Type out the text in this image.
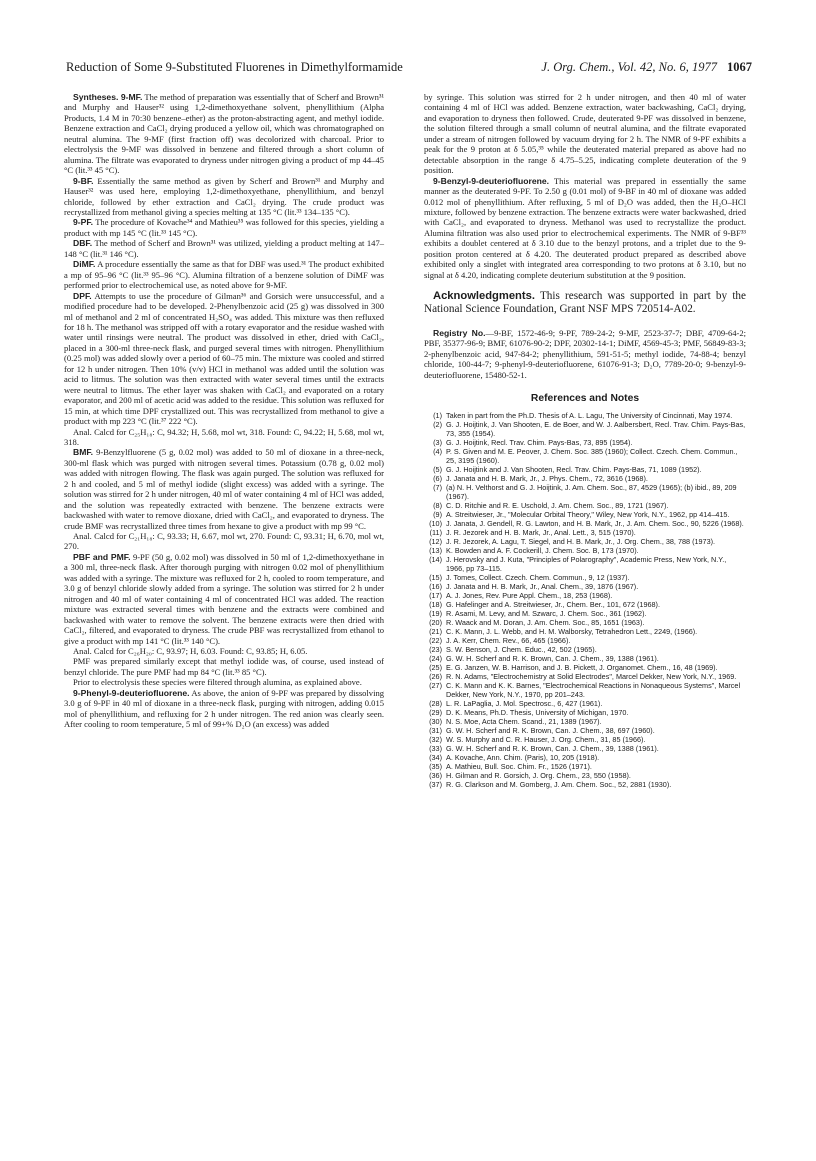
Reduction of Some 9-Substituted Fluorenes in Dimethylformamide	J. Org. Chem., Vol. 42, No. 6, 1977 1067

Syntheses. 9-MF. The method of preparation was essentially that of Scherf and Brown³¹ and Murphy and Hauser³² using 1,2-dimethoxyethane solvent, phenyllithium (Alpha Products, 1.4 M in 70:30 benzene–ether) as the proton-abstracting agent, and methyl iodide. Benzene extraction and CaCl₂ drying produced a yellow oil, which was chromatographed on neutral alumina. The 9-MF (first fraction off) was decolorized with charcoal. Prior to electrolysis the 9-MF was dissolved in benzene and filtered through a short column of alumina. The filtrate was evaporated to dryness under nitrogen giving a product of mp 44–45 °C (lit.³³ 45 °C).

9-BF. Essentially the same method as given by Scherf and Brown³¹ and Murphy and Hauser³² was used here, employing 1,2-dimethoxyethane, phenyllithium, and benzyl chloride, followed by ether extraction and CaCl₂ drying. The crude product was recrystallized from methanol giving a species melting at 135 °C (lit.³³ 134–135 °C).

9-PF. The procedure of Kovache³⁴ and Mathieu³⁵ was followed for this species, yielding a product with mp 145 °C (lit.³³ 145 °C).

DBF. The method of Scherf and Brown³¹ was utilized, yielding a product melting at 147–148 °C (lit.³¹ 146 °C).

DiMF. A procedure essentially the same as that for DBF was used.³¹ The product exhibited a mp of 95–96 °C (lit.³³ 95–96 °C). Alumina filtration of a benzene solution of DiMF was performed prior to electrochemical use, as noted above for 9-MF.

DPF. Attempts to use the procedure of Gilman³⁶ and Gorsich were unsuccessful, and a modified procedure had to be developed. 2-Phenylbenzoic acid (25 g) was dissolved in 300 ml of methanol and 2 ml of concentrated H₂SO₄ was added. This mixture was then refluxed for 18 h. The methanol was stripped off with a rotary evaporator and the residue washed with water until rinsings were neutral. The product was dissolved in ether, dried with CaCl₂, placed in a 300-ml three-neck flask, and purged several times with nitrogen. Phenyllithium (0.25 mol) was added slowly over a period of 60–75 min. The mixture was cooled and stirred for 12 h under nitrogen. Then 10% (v/v) HCl in methanol was added until the solution was acid to litmus. The solution was then extracted with water several times until the extracts were neutral to litmus. The ether layer was shaken with CaCl₂ and evaporated on a rotary evaporator, and 200 ml of acetic acid was added to the residue. This solution was refluxed for 15 min, at which time DPF crystallized out. This was recrystallized from methanol to give a product with mp 223 °C (lit.³⁷ 222 °C).

Anal. Calcd for C₂₅H₁₈: C, 94.32; H, 5.68, mol wt, 318. Found: C, 94.22; H, 5.68, mol wt, 318.

BMF. 9-Benzylfluorene (5 g, 0.02 mol) was added to 50 ml of dioxane in a three-neck, 300-ml flask which was purged with nitrogen several times. Potassium (0.78 g, 0.02 mol) was added with nitrogen flowing. The flask was again purged. The solution was refluxed for 2 h and cooled, and 5 ml of methyl iodide (slight excess) was added with a syringe. The solution was stirred for 2 h under nitrogen, 40 ml of water containing 4 ml of HCl was added, and the solution was repeatedly extracted with benzene. The benzene extracts were backwashed with water to remove dioxane, dried with CaCl₂, and evaporated to dryness. The crude BMF was recrystallized three times from hexane to give a product with mp 99 °C.

Anal. Calcd for C₂₁H₁₈: C, 93.33; H, 6.67, mol wt, 270. Found: C, 93.31; H, 6.70, mol wt, 270.

PBF and PMF. 9-PF (50 g, 0.02 mol) was dissolved in 50 ml of 1,2-dimethoxyethane in a 300 ml, three-neck flask. After thorough purging with nitrogen 0.02 mol of phenyllithium was added with a syringe. The mixture was refluxed for 2 h, cooled to room temperature, and 3.0 g of benzyl chloride slowly added from a syringe. The solution was stirred for 2 h under nitrogen and 40 ml of water containing 4 ml of concentrated HCl was added. The reaction mixture was extracted several times with benzene and the extracts were combined and backwashed with water to remove the solvent. The benzene extracts were then dried with CaCl₂, filtered, and evaporated to dryness. The crude PBF was recrystallized from ethanol to give a product with mp 141 °C (lit.³³ 140 °C).

Anal. Calcd for C₂₆H₂₀: C, 93.97; H, 6.03. Found: C, 93.85; H, 6.05.

PMF was prepared similarly except that methyl iodide was, of course, used instead of benzyl chloride. The pure PMF had mp 84 °C (lit.³³ 85 °C).

Prior to electrolysis these species were filtered through alumina, as explained above.

9-Phenyl-9-deuteriofluorene. As above, the anion of 9-PF was prepared by dissolving 3.0 g of 9-PF in 40 ml of dioxane in a three-neck flask, purging with nitrogen, adding 0.015 mol of phenyllithium, and refluxing for 2 h under nitrogen. The red anion was clearly seen. After cooling to room temperature, 5 ml of 99+% D₂O (an excess) was added

by syringe. This solution was stirred for 2 h under nitrogen, and then 40 ml of water containing 4 ml of HCl was added. Benzene extraction, water backwashing, CaCl₂ drying, and evaporation to dryness then followed. Crude, deuterated 9-PF was dissolved in benzene, the solution filtered through a small column of neutral alumina, and the filtrate evaporated under a stream of nitrogen followed by vacuum drying for 2 h. The NMR of 9-PF exhibits a peak for the 9 proton at δ 5.05,³⁵ while the deuterated material prepared as above had no detectable absorption in the range δ 4.75–5.25, indicating complete deuteration of the 9 position.

9-Benzyl-9-deuteriofluorene. This material was prepared in essentially the same manner as the deuterated 9-PF. To 2.50 g (0.01 mol) of 9-BF in 40 ml of dioxane was added 0.012 mol of phenyllithium. After refluxing, 5 ml of D₂O was added, then the H₂O–HCl mixture, followed by benzene extraction. The benzene extracts were water backwashed, dried with CaCl₂, and evaporated to dryness. Methanol was used to recrystallize the product. Alumina filtration was also used prior to electrochemical experiments. The NMR of 9-BF³³ exhibits a doublet centered at δ 3.10 due to the benzyl protons, and a triplet due to the 9-position proton centered at δ 4.20. The deuterated product prepared as described above exhibited only a singlet with integrated area corresponding to two protons at δ 3.10, but no signal at δ 4.20, indicating complete deuterium substitution at the 9 position.

Acknowledgments. This research was supported in part by the National Science Foundation, Grant NSF MPS 720514-A02.

Registry No.—9-BF, 1572-46-9; 9-PF, 789-24-2; 9-MF, 2523-37-7; DBF, 4709-64-2; PBF, 35377-96-9; BMF, 61076-90-2; DPF, 20302-14-1; DiMF, 4569-45-3; PMF, 56849-83-3; 2-phenylbenzoic acid, 947-84-2; phenyllithium, 591-51-5; methyl iodide, 74-88-4; benzyl chloride, 100-44-7; 9-phenyl-9-deuteriofluorene, 61076-91-3; D₂O, 7789-20-0; 9-benzyl-9-deuteriofluorene, 15480-52-1.

References and Notes
(1) Taken in part from the Ph.D. Thesis of A. L. Lagu, The University of Cincinnati, May 1974.
(2) G. J. Hoijtink, J. Van Shooten, E. de Boer, and W. J. Aalbersbert, Recl. Trav. Chim. Pays-Bas, 73, 355 (1954).
(3) G. J. Hoijtink, Recl. Trav. Chim. Pays-Bas, 73, 895 (1954).
(4) P. S. Given and M. E. Peover, J. Chem. Soc. 385 (1960); Collect. Czech. Chem. Commun., 25, 3195 (1960).
(5) G. J. Hoijtink and J. Van Shooten, Recl. Trav. Chim. Pays-Bas, 71, 1089 (1952).
(6) J. Janata and H. B. Mark, Jr., J. Phys. Chem., 72, 3616 (1968).
(7) (a) N. H. Velthorst and G. J. Hoijtink, J. Am. Chem. Soc., 87, 4529 (1965); (b) ibid., 89, 209 (1967).
(8) C. D. Ritchie and R. E. Uschold, J. Am. Chem. Soc., 89, 1721 (1967).
(9) A. Streitwieser, Jr., "Molecular Orbital Theory," Wiley, New York, N.Y., 1962, pp 414–415.
(10) J. Janata, J. Gendell, R. G. Lawton, and H. B. Mark, Jr., J. Am. Chem. Soc., 90, 5226 (1968).
(11) J. R. Jezorek and H. B. Mark, Jr., Anal. Lett., 3, 515 (1970).
(12) J. R. Jezorek, A. Lagu, T. Siegel, and H. B. Mark, Jr., J. Org. Chem., 38, 788 (1973).
(13) K. Bowden and A. F. Cockerill, J. Chem. Soc. B, 173 (1970).
(14) J. Herovsky and J. Kuta, "Principles of Polarography", Academic Press, New York, N.Y., 1966, pp 73–115.
(15) J. Tomes, Collect. Czech. Chem. Commun., 9, 12 (1937).
(16) J. Janata and H. B. Mark, Jr., Anal. Chem., 39, 1876 (1967).
(17) A. J. Jones, Rev. Pure Appl. Chem., 18, 253 (1968).
(18) G. Hafelinger and A. Streitwieser, Jr., Chem. Ber., 101, 672 (1968).
(19) R. Asami, M. Levy, and M. Szwarc, J. Chem. Soc., 361 (1962).
(20) R. Waack and M. Doran, J. Am. Chem. Soc., 85, 1651 (1963).
(21) C. K. Mann, J. L. Webb, and H. M. Walborsky, Tetrahedron Lett., 2249, (1966).
(22) J. A. Kerr, Chem. Rev., 66, 465 (1966).
(23) S. W. Benson, J. Chem. Educ., 42, 502 (1965).
(24) G. W. H. Scherf and R. K. Brown, Can. J. Chem., 39, 1388 (1961).
(25) E. G. Janzen, W. B. Harrison, and J. B. Pickett, J. Organomet. Chem., 16, 48 (1969).
(26) R. N. Adams, "Electrochemistry at Solid Electrodes", Marcel Dekker, New York, N.Y., 1969.
(27) C. K. Mann and K. K. Barnes, "Electrochemical Reactions in Nonaqueous Systems", Marcel Dekker, New York, N.Y., 1970, pp 201–243.
(28) L. R. LaPaglia, J. Mol. Spectrosc., 6, 427 (1961).
(29) D. K. Means, Ph.D. Thesis, University of Michigan, 1970.
(30) N. S. Moe, Acta Chem. Scand., 21, 1389 (1967).
(31) G. W. H. Scherf and R. K. Brown, Can. J. Chem., 38, 697 (1960).
(32) W. S. Murphy and C. R. Hauser, J. Org. Chem., 31, 85 (1966).
(33) G. W. H. Scherf and R. K. Brown, Can. J. Chem., 39, 1388 (1961).
(34) A. Kovache, Ann. Chim. (Paris), 10, 205 (1918).
(35) A. Mathieu, Bull. Soc. Chim. Fr., 1526 (1971).
(36) H. Gilman and R. Gorsich, J. Org. Chem., 23, 550 (1958).
(37) R. G. Clarkson and M. Gomberg, J. Am. Chem. Soc., 52, 2881 (1930).
